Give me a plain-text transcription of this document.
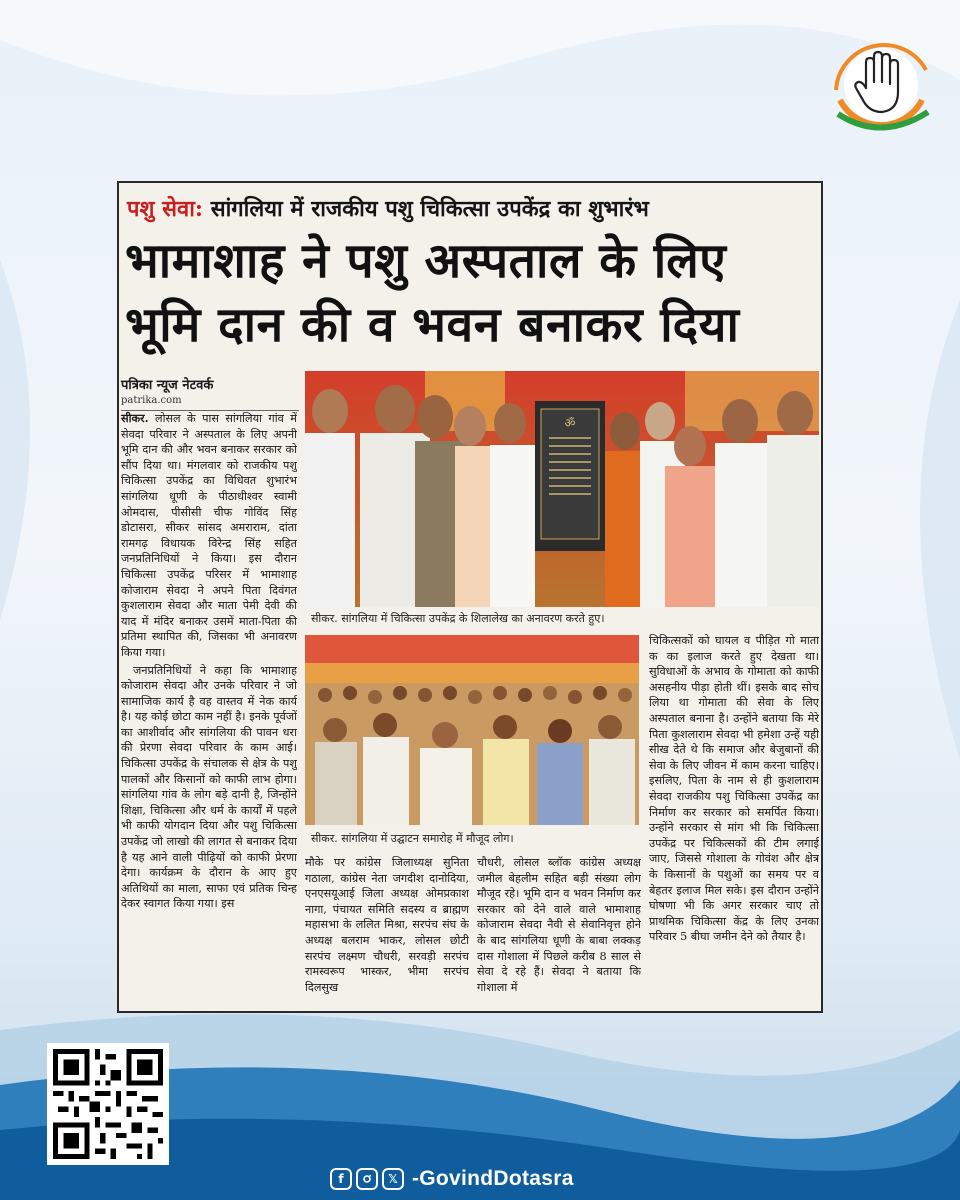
पशु सेवा: सांगलिया में राजकीय पशु चिकित्सा उपकेंद्र का शुभारंभ
भामाशाह ने पशु अस्पताल के लिए
भूमि दान की व भवन बनाकर दिया
पत्रिका न्यूज नेटवर्क
patrika.com

सीकर. लोसल के पास सांगलिया गांव में सेवदा परिवार ने अस्पताल के लिए अपनी भूमि दान की और भवन बनाकर सरकार को सौंप दिया था। मंगलवार को राजकीय पशु चिकित्सा उपकेंद्र का विधिवत शुभारंभ सांगलिया धूणी के पीठाधीश्वर स्वामी ओमदास, पीसीसी चीफ गोविंद सिंह डोटासरा, सीकर सांसद अमराराम, दांता रामगढ़ विधायक विरेन्द्र सिंह सहित जनप्रतिनिधियों ने किया। इस दौरान चिकित्सा उपकेंद्र परिसर में भामाशाह कोजाराम सेवदा ने अपने पिता दिवंगत कुशलाराम सेवदा और माता पेमी देवी की याद में मंदिर बनाकर उसमें माता-पिता की प्रतिमा स्थापित की, जिसका भी अनावरण किया गया।

जनप्रतिनिधियों ने कहा कि भामाशाह कोजाराम सेवदा और उनके परिवार ने जो सामाजिक कार्य है वह वास्तव में नेक कार्य है। यह कोई छोटा काम नहीं है। इनके पूर्वजों का आशीर्वाद और सांगलिया की पावन धरा की प्रेरणा सेवदा परिवार के काम आई। चिकित्सा उपकेंद्र के संचालक से क्षेत्र के पशु पालकों और किसानों को काफी लाभ होगा। सांगलिया गांव के लोग बड़े दानी है, जिन्होंने शिक्षा, चिकित्सा और धर्म के कार्यों में पहले भी काफी योगदान दिया और पशु चिकित्सा उपकेंद्र जो लाखो की लागत से बनाकर दिया है यह आने वाली पीढ़ियों को काफी प्रेरणा देगा। कार्यक्रम के दौरान के आए हुए अतिथियों का माला, साफा एवं प्रतिक चिन्ह देकर स्वागत किया गया। इस

ॐ
सीकर. सांगलिया में चिकित्सा उपकेंद्र के शिलालेख का अनावरण करते हुए।
सीकर. सांगलिया में उद्घाटन समारोह में मौजूद लोग।

मौके पर कांग्रेस जिलाध्यक्ष सुनिता गठाला, कांग्रेस नेता जगदीश दानोदिया, एनएसयूआई जिला अध्यक्ष ओमप्रकाश नागा, पंचायत समिति सदस्य व ब्राह्मण महासभा के ललित मिश्रा, सरपंच संघ के अध्यक्ष बलराम भाकर, लोसल छोटी सरपंच लक्ष्मण चौधरी, सरवड़ी सरपंच रामस्वरूप भास्कर, भीमा सरपंच दिलसुख

चौधरी, लोसल ब्लॉक कांग्रेस अध्यक्ष जमील बेहलीम सहित बड़ी संख्या लोग मौजूद रहे। भूमि दान व भवन निर्माण कर सरकार को देने वाले वाले भामाशाह कोजाराम सेवदा नैवी से सेवानिवृत्त होने के बाद सांगलिया धूणी के बाबा लक्कड़ दास गोशाला में पिछले करीब 8 साल से सेवा दे रहे हैं। सेवदा ने बताया कि गोशाला में

चिकित्सकों को घायल व पीड़ित गो माता क का इलाज करते हुए देखता था। सुविधाओं के अभाव के गोमाता को काफी असहनीय पीड़ा होती थीं। इसके बाद सोच लिया था गोमाता की सेवा के लिए अस्पताल बनाना है। उन्होंने बताया कि मेरे पिता कुशलाराम सेवदा भी हमेशा उन्हें यही सीख देते थे कि समाज और बेजुबानों की सेवा के लिए जीवन में काम करना चाहिए। इसलिए, पिता के नाम से ही कुशलाराम सेवदा राजकीय पशु चिकित्सा उपकेंद्र का निर्माण कर सरकार को समर्पित किया। उन्होंने सरकार से मांग भी कि चिकित्सा उपकेंद्र पर चिकित्सकों की टीम लगाई जाए, जिससे गोशाला के गोवंश और क्षेत्र के किसानों के पशुओं का समय पर व बेहतर इलाज मिल सके। इस दौरान उन्होंने घोषणा भी कि अगर सरकार चाए तो प्राथमिक चिकित्सा केंद्र के लिए उनका परिवार 5 बीघा जमीन देने को तैयार है।

f	𝕏 -GovindDotasra
